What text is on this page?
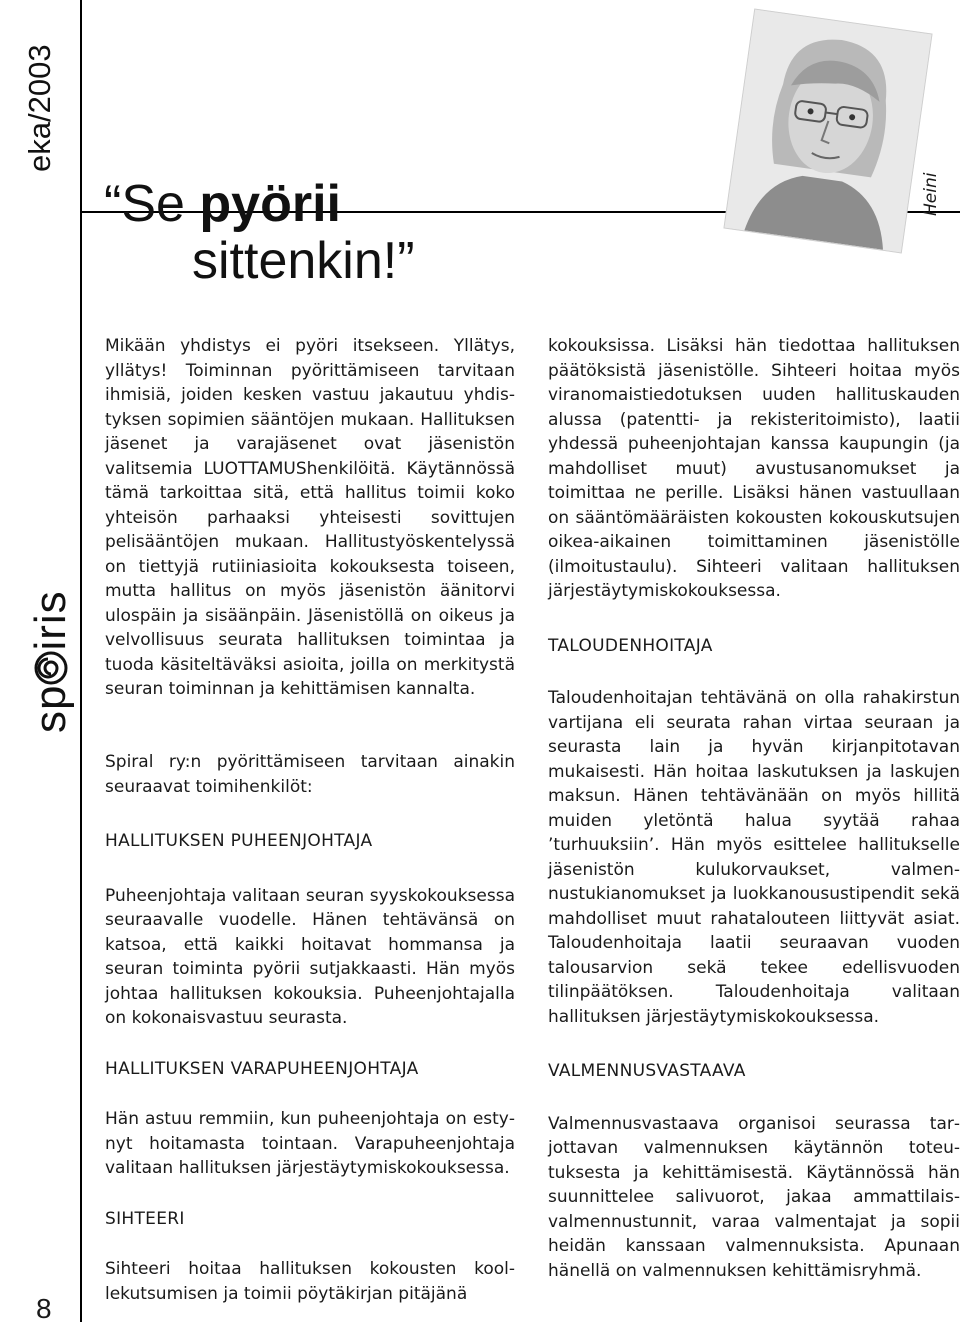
eka/2003
spiris
8
“Se pyörii
sittenkin!”
Heini

Mikään yhdistys ei pyöri itsekseen. Yllätys, yllätys! Toiminnan pyörittämiseen tarvitaan ihmisiä, joiden kesken vastuu jakautuu yhdistyksen sopimien sääntöjen mukaan. Hallituksen jäsenet ja varajäsenet ovat jäsenistön valitsemia LUOTTAMUShenkilöitä. Käytännössä tämä tarkoittaa sitä, että hallitus toimii koko yhteisön parhaaksi yhteisesti sovittujen pelisääntöjen mukaan. Hallitustyöskentelyssä on tiettyjä rutiiniasioita kokouksesta toiseen, mutta hallitus on myös jäsenistön äänitorvi ulospäin ja sisäänpäin. Jäsenistöllä on oikeus ja velvollisuus seurata hallituksen toimintaa ja tuoda käsiteltäväksi asioita, joilla on merkitystä seuran toiminnan ja kehittämisen kannalta.

Spiral ry:n pyörittämiseen tarvitaan ainakin seuraavat toimihenkilöt:

HALLITUKSEN PUHEENJOHTAJA

Puheenjohtaja valitaan seuran syyskokouksessa seuraavalle vuodelle. Hänen tehtävänsä on katsoa, että kaikki hoitavat hommansa ja seuran toiminta pyörii sutjakkaasti. Hän myös johtaa hallituksen kokouksia. Puheenjohtajalla on kokonaisvastuu seurasta.

HALLITUKSEN VARAPUHEENJOHTAJA

Hän astuu remmiin, kun puheenjohtaja on estynyt hoitamasta tointaan. Varapuheenjohtaja valitaan hallituksen järjestäytymiskokouksessa.

SIHTEERI

Sihteeri hoitaa hallituksen kokousten koollekutsumisen ja toimii pöytäkirjan pitäjänä

kokouksissa. Lisäksi hän tiedottaa hallituksen päätöksistä jäsenistölle. Sihteeri hoitaa myös viranomaistiedotuksen uuden hallituskauden alussa (patentti- ja rekisteritoimisto), laatii yhdessä puheenjohtajan kanssa kaupungin (ja mahdolliset muut) avustusanomukset ja toimittaa ne perille. Lisäksi hänen vastuullaan on sääntömääräisten kokousten kokouskutsujen oikea-aikainen toimittaminen jäsenistölle (ilmoitustaulu). Sihteeri valitaan hallituksen järjestäytymiskokouksessa.

TALOUDENHOITAJA

Taloudenhoitajan tehtävänä on olla rahakirstun vartijana eli seurata rahan virtaa seuraan ja seurasta lain ja hyvän kirjanpitotavan mukaisesti. Hän hoitaa laskutuksen ja laskujen maksun. Hänen tehtävänään on myös hillitä muiden yletöntä halua syytää rahaa ’turhuuksiin’. Hän myös esittelee hallitukselle jäsenistön kulukorvaukset, valmennustukianomukset ja luokkanousustipendit sekä mahdolliset muut rahatalouteen liittyvät asiat. Taloudenhoitaja laatii seuraavan vuoden talousarvion sekä tekee edellisvuoden tilinpäätöksen. Taloudenhoitaja valitaan hallituksen järjestäytymiskokouksessa.

VALMENNUSVASTAAVA

Valmennusvastaava organisoi seurassa tarjottavan valmennuksen käytännön toteutuksesta ja kehittämisestä. Käytännössä hän suunnittelee salivuorot, jakaa ammattilaisvalmennustunnit, varaa valmentajat ja sopii heidän kanssaan valmennuksista. Apunaan hänellä on valmennuksen kehittämisryhmä.
